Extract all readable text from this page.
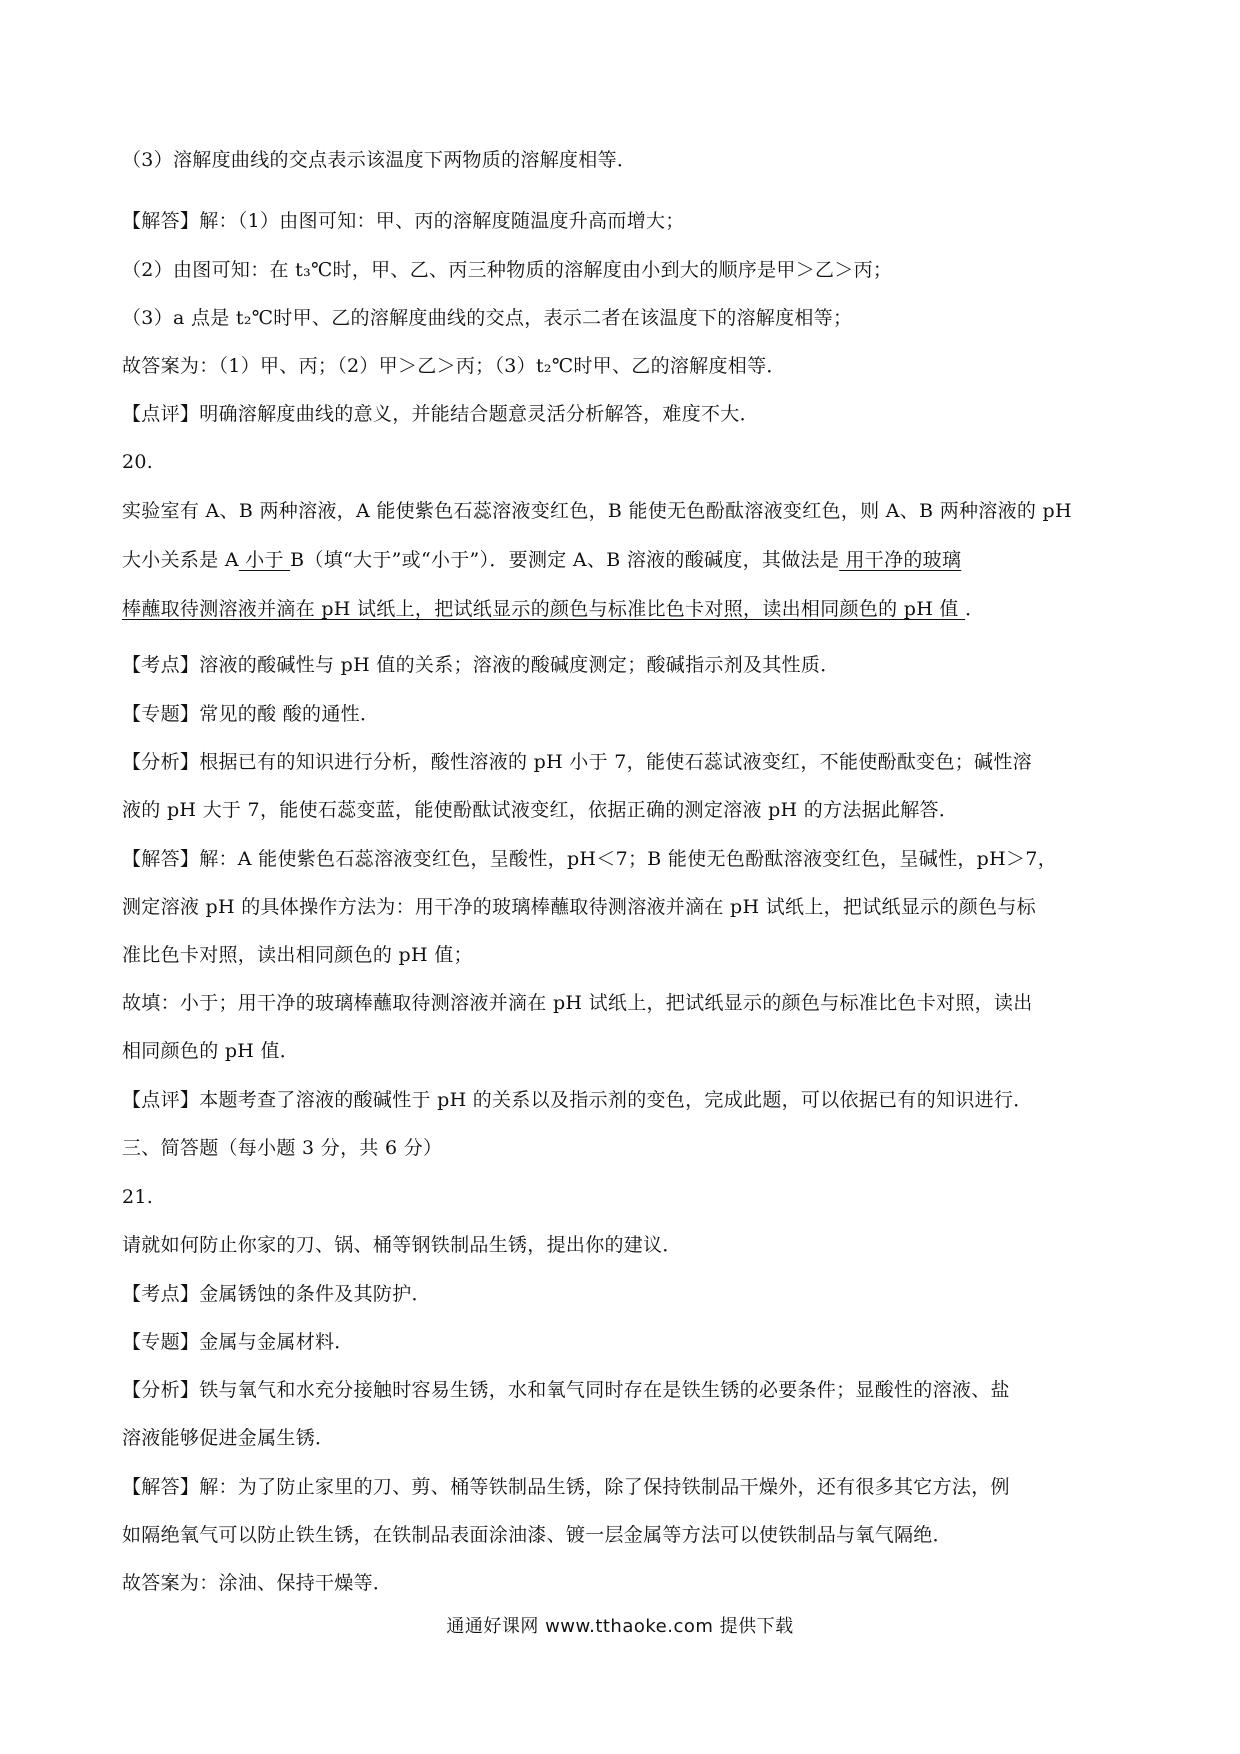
（3）溶解度曲线的交点表示该温度下两物质的溶解度相等．
【解答】解：（1）由图可知：甲、丙的溶解度随温度升高而增大；
（2）由图可知：在 t₃℃时，甲、乙、丙三种物质的溶解度由小到大的顺序是甲＞乙＞丙；
（3）a 点是 t₂℃时甲、乙的溶解度曲线的交点，表示二者在该温度下的溶解度相等；
故答案为：（1）甲、丙；（2）甲＞乙＞丙；（3）t₂℃时甲、乙的溶解度相等．
【点评】明确溶解度曲线的意义，并能结合题意灵活分析解答，难度不大．
20.
实验室有 A、B 两种溶液，A 能使紫色石蕊溶液变红色，B 能使无色酚酞溶液变红色，则 A、B 两种溶液的 pH
大小关系是 A 小于 B（填“大于”或“小于”）．要测定 A、B 溶液的酸碱度，其做法是 用干净的玻璃
棒蘸取待测溶液并滴在 pH 试纸上，把试纸显示的颜色与标准比色卡对照，读出相同颜色的 pH 值 ．
【考点】溶液的酸碱性与 pH 值的关系；溶液的酸碱度测定；酸碱指示剂及其性质．
【专题】常见的酸 酸的通性．
【分析】根据已有的知识进行分析，酸性溶液的 pH 小于 7，能使石蕊试液变红，不能使酚酞变色；碱性溶
液的 pH 大于 7，能使石蕊变蓝，能使酚酞试液变红，依据正确的测定溶液 pH 的方法据此解答．
【解答】解：A 能使紫色石蕊溶液变红色，呈酸性，pH＜7；B 能使无色酚酞溶液变红色，呈碱性，pH＞7，
测定溶液 pH 的具体操作方法为：用干净的玻璃棒蘸取待测溶液并滴在 pH 试纸上，把试纸显示的颜色与标
准比色卡对照，读出相同颜色的 pH 值；
故填：小于；用干净的玻璃棒蘸取待测溶液并滴在 pH 试纸上，把试纸显示的颜色与标准比色卡对照，读出
相同颜色的 pH 值．
【点评】本题考查了溶液的酸碱性于 pH 的关系以及指示剂的变色，完成此题，可以依据已有的知识进行．
三、简答题（每小题 3 分，共 6 分）
21.
请就如何防止你家的刀、锅、桶等钢铁制品生锈，提出你的建议．
【考点】金属锈蚀的条件及其防护．
【专题】金属与金属材料．
【分析】铁与氧气和水充分接触时容易生锈，水和氧气同时存在是铁生锈的必要条件；显酸性的溶液、盐
溶液能够促进金属生锈．
【解答】解：为了防止家里的刀、剪、桶等铁制品生锈，除了保持铁制品干燥外，还有很多其它方法，例
如隔绝氧气可以防止铁生锈，在铁制品表面涂油漆、镀一层金属等方法可以使铁制品与氧气隔绝．
故答案为：涂油、保持干燥等．
通通好课网 www.tthaoke.com 提供下载
